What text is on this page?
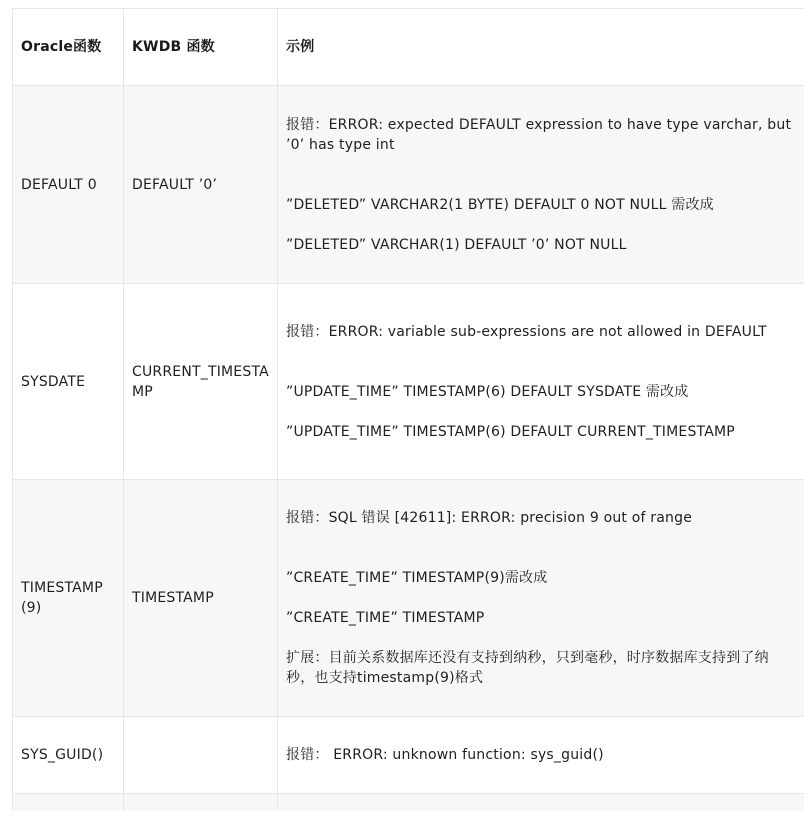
Oracle函数	KWDB 函数	示例
DEFAULT 0	DEFAULT ’0’	报错：ERROR: expected DEFAULT expression to have type varchar, but ’0’ has type int

”DELETED” VARCHAR2(1 BYTE) DEFAULT 0 NOT NULL 需改成

”DELETED” VARCHAR(1) DEFAULT ’0’ NOT NULL

SYSDATE	CURRENT_TIMESTAMP	报错：ERROR: variable sub-expressions are not allowed in DEFAULT

”UPDATE_TIME” TIMESTAMP(6) DEFAULT SYSDATE 需改成

”UPDATE_TIME” TIMESTAMP(6) DEFAULT CURRENT_TIMESTAMP

TIMESTAMP(9)	TIMESTAMP	报错：SQL 错误 [42611]: ERROR: precision 9 out of range

”CREATE_TIME” TIMESTAMP(9)需改成

”CREATE_TIME” TIMESTAMP

扩展：目前关系数据库还没有支持到纳秒，只到毫秒，时序数据库支持到了纳秒，也支持timestamp(9)格式

SYS_GUID()		报错： ERROR: unknown function: sys_guid()
